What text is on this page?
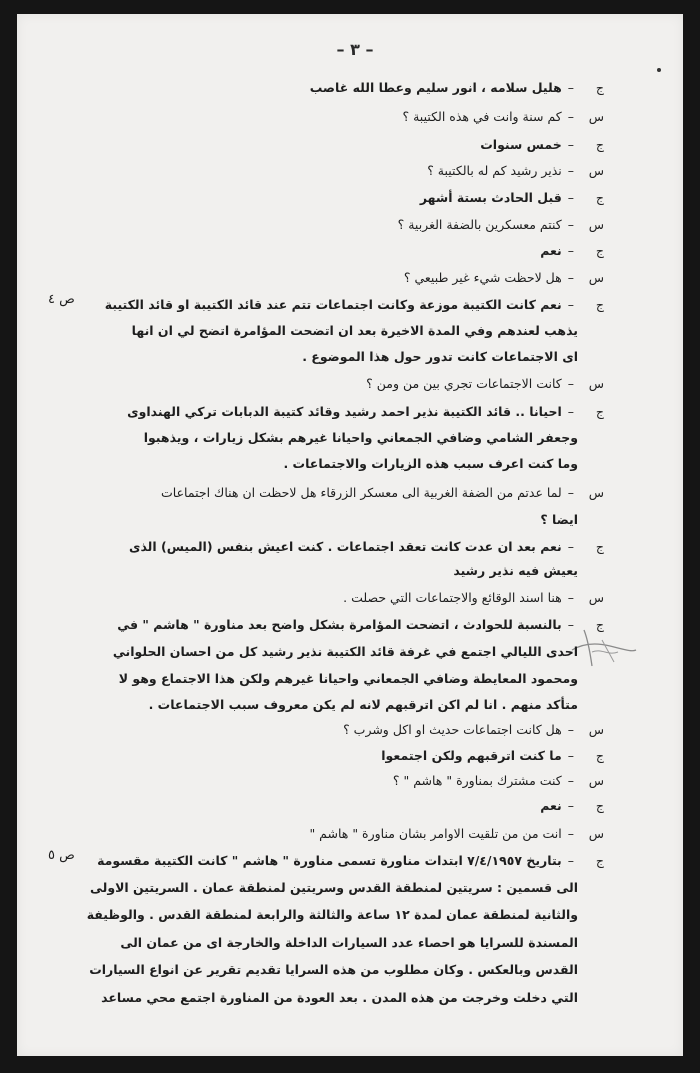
– ٣ –
ص ٤
ص ٥
ج–هليل سلامه ، انور سليم وعطا الله غاصب
س–كم سنة وانت في هذه الكتيبة ؟
ج–خمس سنوات
س–نذير رشيد كم له بالكتيبة ؟
ج–قبل الحادث بستة أشهر
س–كنتم معسكرين بالضفة الغربية ؟
ج–نعم
س–هل لاحظت شيء غير طبيعي ؟
ج–نعم كانت الكتيبة موزعة وكانت اجتماعات تتم عند قائد الكتيبة او قائد الكتيبة
يذهب لعندهم وفي المدة الاخيرة بعد ان اتضحت المؤامرة اتضح لي ان انها
اى الاجتماعات كانت تدور حول هذا الموضوع .
س–كانت الاجتماعات تجري بين من ومن ؟
ج–احيانا .. قائد الكتيبة نذير احمد رشيد وقائد كتيبة الدبابات تركي الهنداوى
وجعفر الشامي وضافي الجمعاني واحيانا غيرهم بشكل زيارات ، ويذهبوا
وما كنت اعرف سبب هذه الزيارات والاجتماعات .
س–لما عدتم من الضفة الغربية الى معسكر الزرقاء هل لاحظت ان هناك اجتماعات
ايضا ؟
ج–نعم بعد ان عدت كانت تعقد اجتماعات . كنت اعيش بنفس (الميس) الذى
يعيش فيه نذير رشيد
س–هنا اسند الوقائع والاجتماعات التي حصلت .
ج–بالنسبة للحوادث ، اتضحت المؤامرة بشكل واضح بعد مناورة " هاشم " في
احدى الليالي اجتمع في غرفة قائد الكتيبة نذير رشيد كل من احسان الحلواني
ومحمود المعايطة وضافي الجمعاني واحيانا غيرهم ولكن هذا الاجتماع وهو لا
متأكد منهم . انا لم اكن اترقبهم لانه لم يكن معروف سبب الاجتماعات .
س–هل كانت اجتماعات حديث او اكل وشرب ؟
ج–ما كنت اترقبهم ولكن اجتمعوا
س–كنت مشترك بمناورة " هاشم " ؟
ج–نعم
س–انت من من تلقيت الاوامر بشان مناورة " هاشم "
ج–بتاريخ ٧/٤/١٩٥٧ ابتدات مناورة تسمى مناورة " هاشم " كانت الكتيبة مقسومة
الى قسمين : سريتين لمنطقة القدس وسريتين لمنطقة عمان . السريتين الاولى
والثانية لمنطقة عمان لمدة ١٢ ساعة والثالثة والرابعة لمنطقة القدس . والوظيفة
المسندة للسرايا هو احصاء عدد السيارات الداخلة والخارجة اى من عمان الى
القدس وبالعكس . وكان مطلوب من هذه السرايا تقديم تقرير عن انواع السيارات
التي دخلت وخرجت من هذه المدن . بعد العودة من المناورة اجتمع محي مساعد
